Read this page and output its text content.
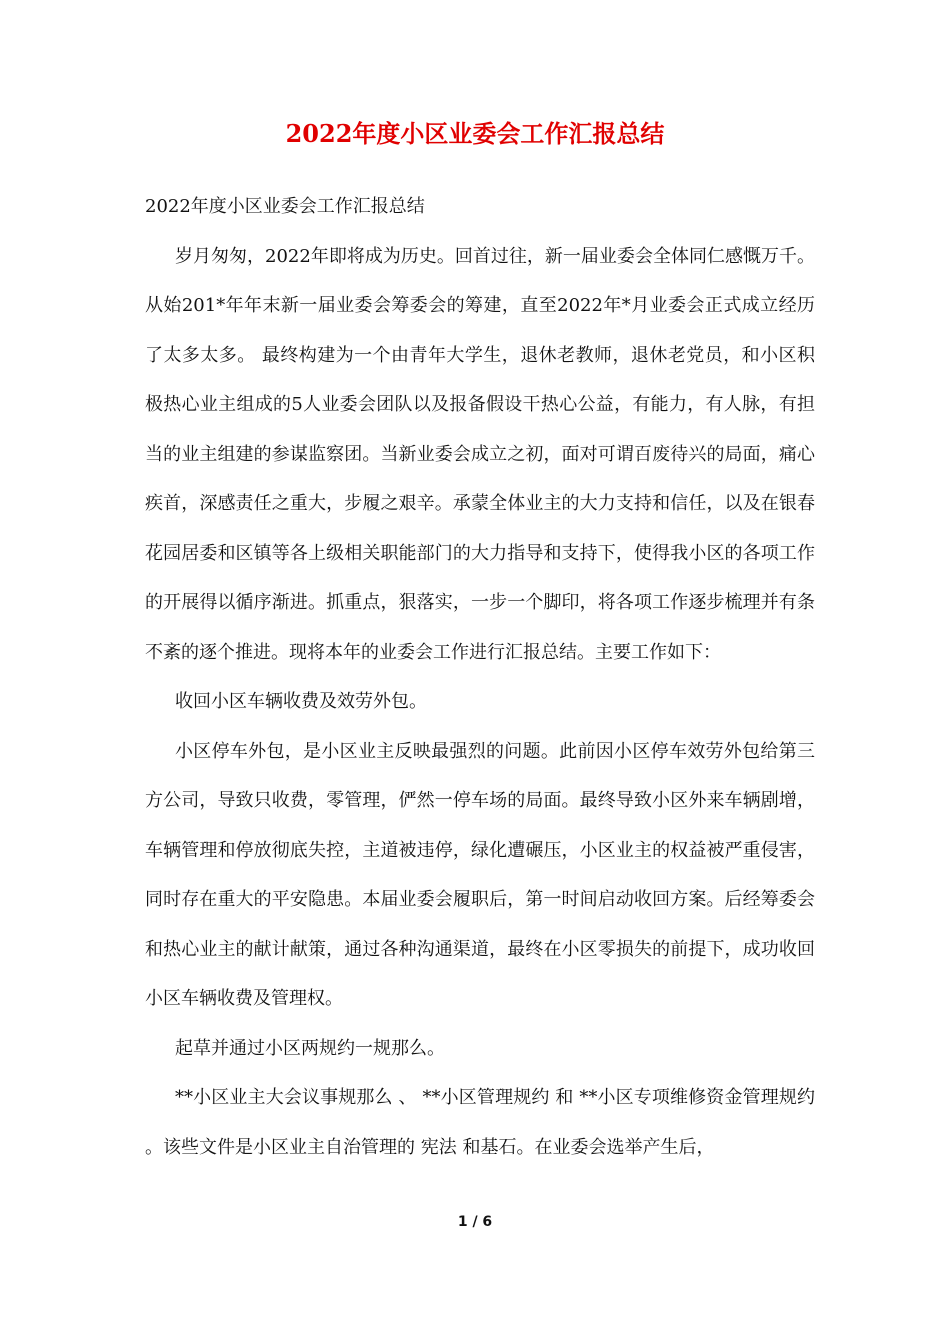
2022年度小区业委会工作汇报总结

2022年度小区业委会工作汇报总结

岁月匆匆，2022年即将成为历史。回首过往，新一届业委会全体同仁感慨万千。从始201*年年末新一届业委会筹委会的筹建，直至2022年*月业委会正式成立经历了太多太多。 最终构建为一个由青年大学生，退休老教师，退休老党员，和小区积极热心业主组成的5人业委会团队以及报备假设干热心公益，有能力，有人脉，有担当的业主组建的参谋监察团。当新业委会成立之初，面对可谓百废待兴的局面，痛心疾首，深感责任之重大，步履之艰辛。承蒙全体业主的大力支持和信任，以及在银春花园居委和区镇等各上级相关职能部门的大力指导和支持下，使得我小区的各项工作的开展得以循序渐进。抓重点，狠落实，一步一个脚印，将各项工作逐步梳理并有条不紊的逐个推进。现将本年的业委会工作进行汇报总结。主要工作如下：

收回小区车辆收费及效劳外包。

小区停车外包，是小区业主反映最强烈的问题。此前因小区停车效劳外包给第三方公司，导致只收费，零管理，俨然一停车场的局面。最终导致小区外来车辆剧增，车辆管理和停放彻底失控，主道被违停，绿化遭碾压，小区业主的权益被严重侵害，同时存在重大的平安隐患。本届业委会履职后，第一时间启动收回方案。后经筹委会和热心业主的献计献策，通过各种沟通渠道，最终在小区零损失的前提下，成功收回小区车辆收费及管理权。

起草并通过小区两规约一规那么。

**小区业主大会议事规那么 、 **小区管理规约 和 **小区专项维修资金管理规约 。该些文件是小区业主自治管理的 宪法 和基石。在业委会选举产生后，

1 / 6
